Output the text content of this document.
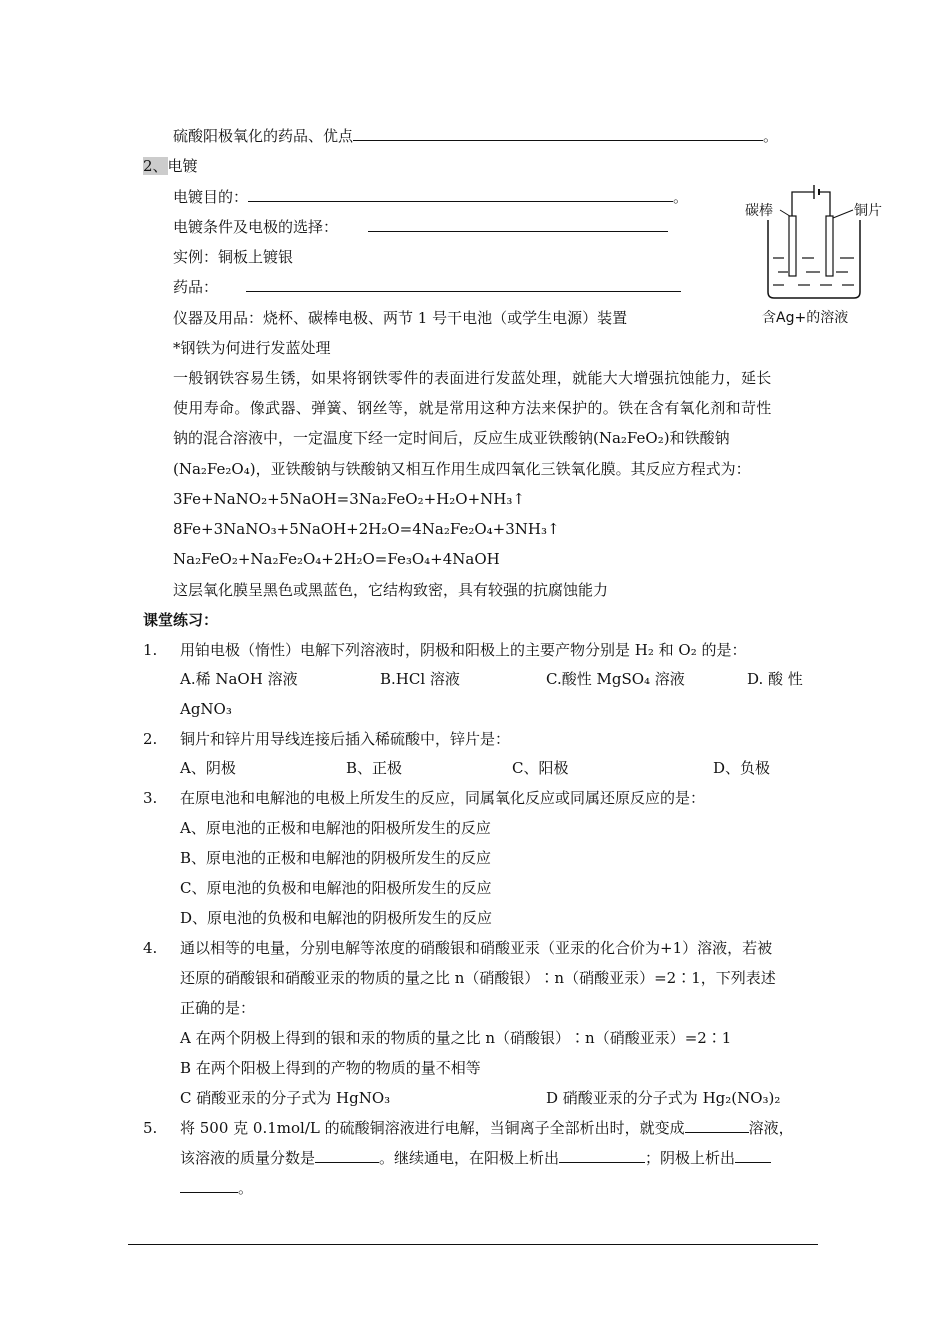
硫酸阳极氧化的药品、优点	。
2、电镀
电镀目的：	。
电镀条件及电极的选择：
实例：铜板上镀银
药品：
仪器及用品：烧杯、碳棒电极、两节 1 号干电池（或学生电源）装置
碳棒	铜片
含Ag+的溶液
*钢铁为何进行发蓝处理
一般钢铁容易生锈，如果将钢铁零件的表面进行发蓝处理，就能大大增强抗蚀能力，延长
使用寿命。像武器、弹簧、钢丝等，就是常用这种方法来保护的。铁在含有氧化剂和苛性
钠的混合溶液中，一定温度下经一定时间后，反应生成亚铁酸钠(Na₂FeO₂)和铁酸钠
(Na₂Fe₂O₄)，亚铁酸钠与铁酸钠又相互作用生成四氧化三铁氧化膜。其反应方程式为：
3Fe+NaNO₂+5NaOH=3Na₂FeO₂+H₂O+NH₃↑
8Fe+3NaNO₃+5NaOH+2H₂O=4Na₂Fe₂O₄+3NH₃↑
Na₂FeO₂+Na₂Fe₂O₄+2H₂O=Fe₃O₄+4NaOH
这层氧化膜呈黑色或黑蓝色，它结构致密，具有较强的抗腐蚀能力
课堂练习：
1. 用铂电极（惰性）电解下列溶液时，阴极和阳极上的主要产物分别是 H₂ 和 O₂ 的是：
A.稀 NaOH 溶液	B.HCl 溶液	C.酸性 MgSO₄ 溶液	D. 酸 性
AgNO₃
2. 铜片和锌片用导线连接后插入稀硫酸中，锌片是：
A、阴极	B、正极	C、阳极	D、负极
3. 在原电池和电解池的电极上所发生的反应，同属氧化反应或同属还原反应的是：
A、原电池的正极和电解池的阳极所发生的反应
B、原电池的正极和电解池的阴极所发生的反应
C、原电池的负极和电解池的阳极所发生的反应
D、原电池的负极和电解池的阴极所发生的反应
4. 通以相等的电量，分别电解等浓度的硝酸银和硝酸亚汞（亚汞的化合价为+1）溶液，若被
还原的硝酸银和硝酸亚汞的物质的量之比 n（硝酸银）∶n（硝酸亚汞）=2∶1，下列表述
正确的是：
A 在两个阴极上得到的银和汞的物质的量之比 n（硝酸银）∶n（硝酸亚汞）=2∶1
B 在两个阳极上得到的产物的物质的量不相等
C 硝酸亚汞的分子式为 HgNO₃	D 硝酸亚汞的分子式为 Hg₂(NO₃)₂
5. 将 500 克 0.1mol/L 的硫酸铜溶液进行电解，当铜离子全部析出时，就变成	溶液，
该溶液的质量分数是	。继续通电，在阳极上析出	；阴极上析出
。
